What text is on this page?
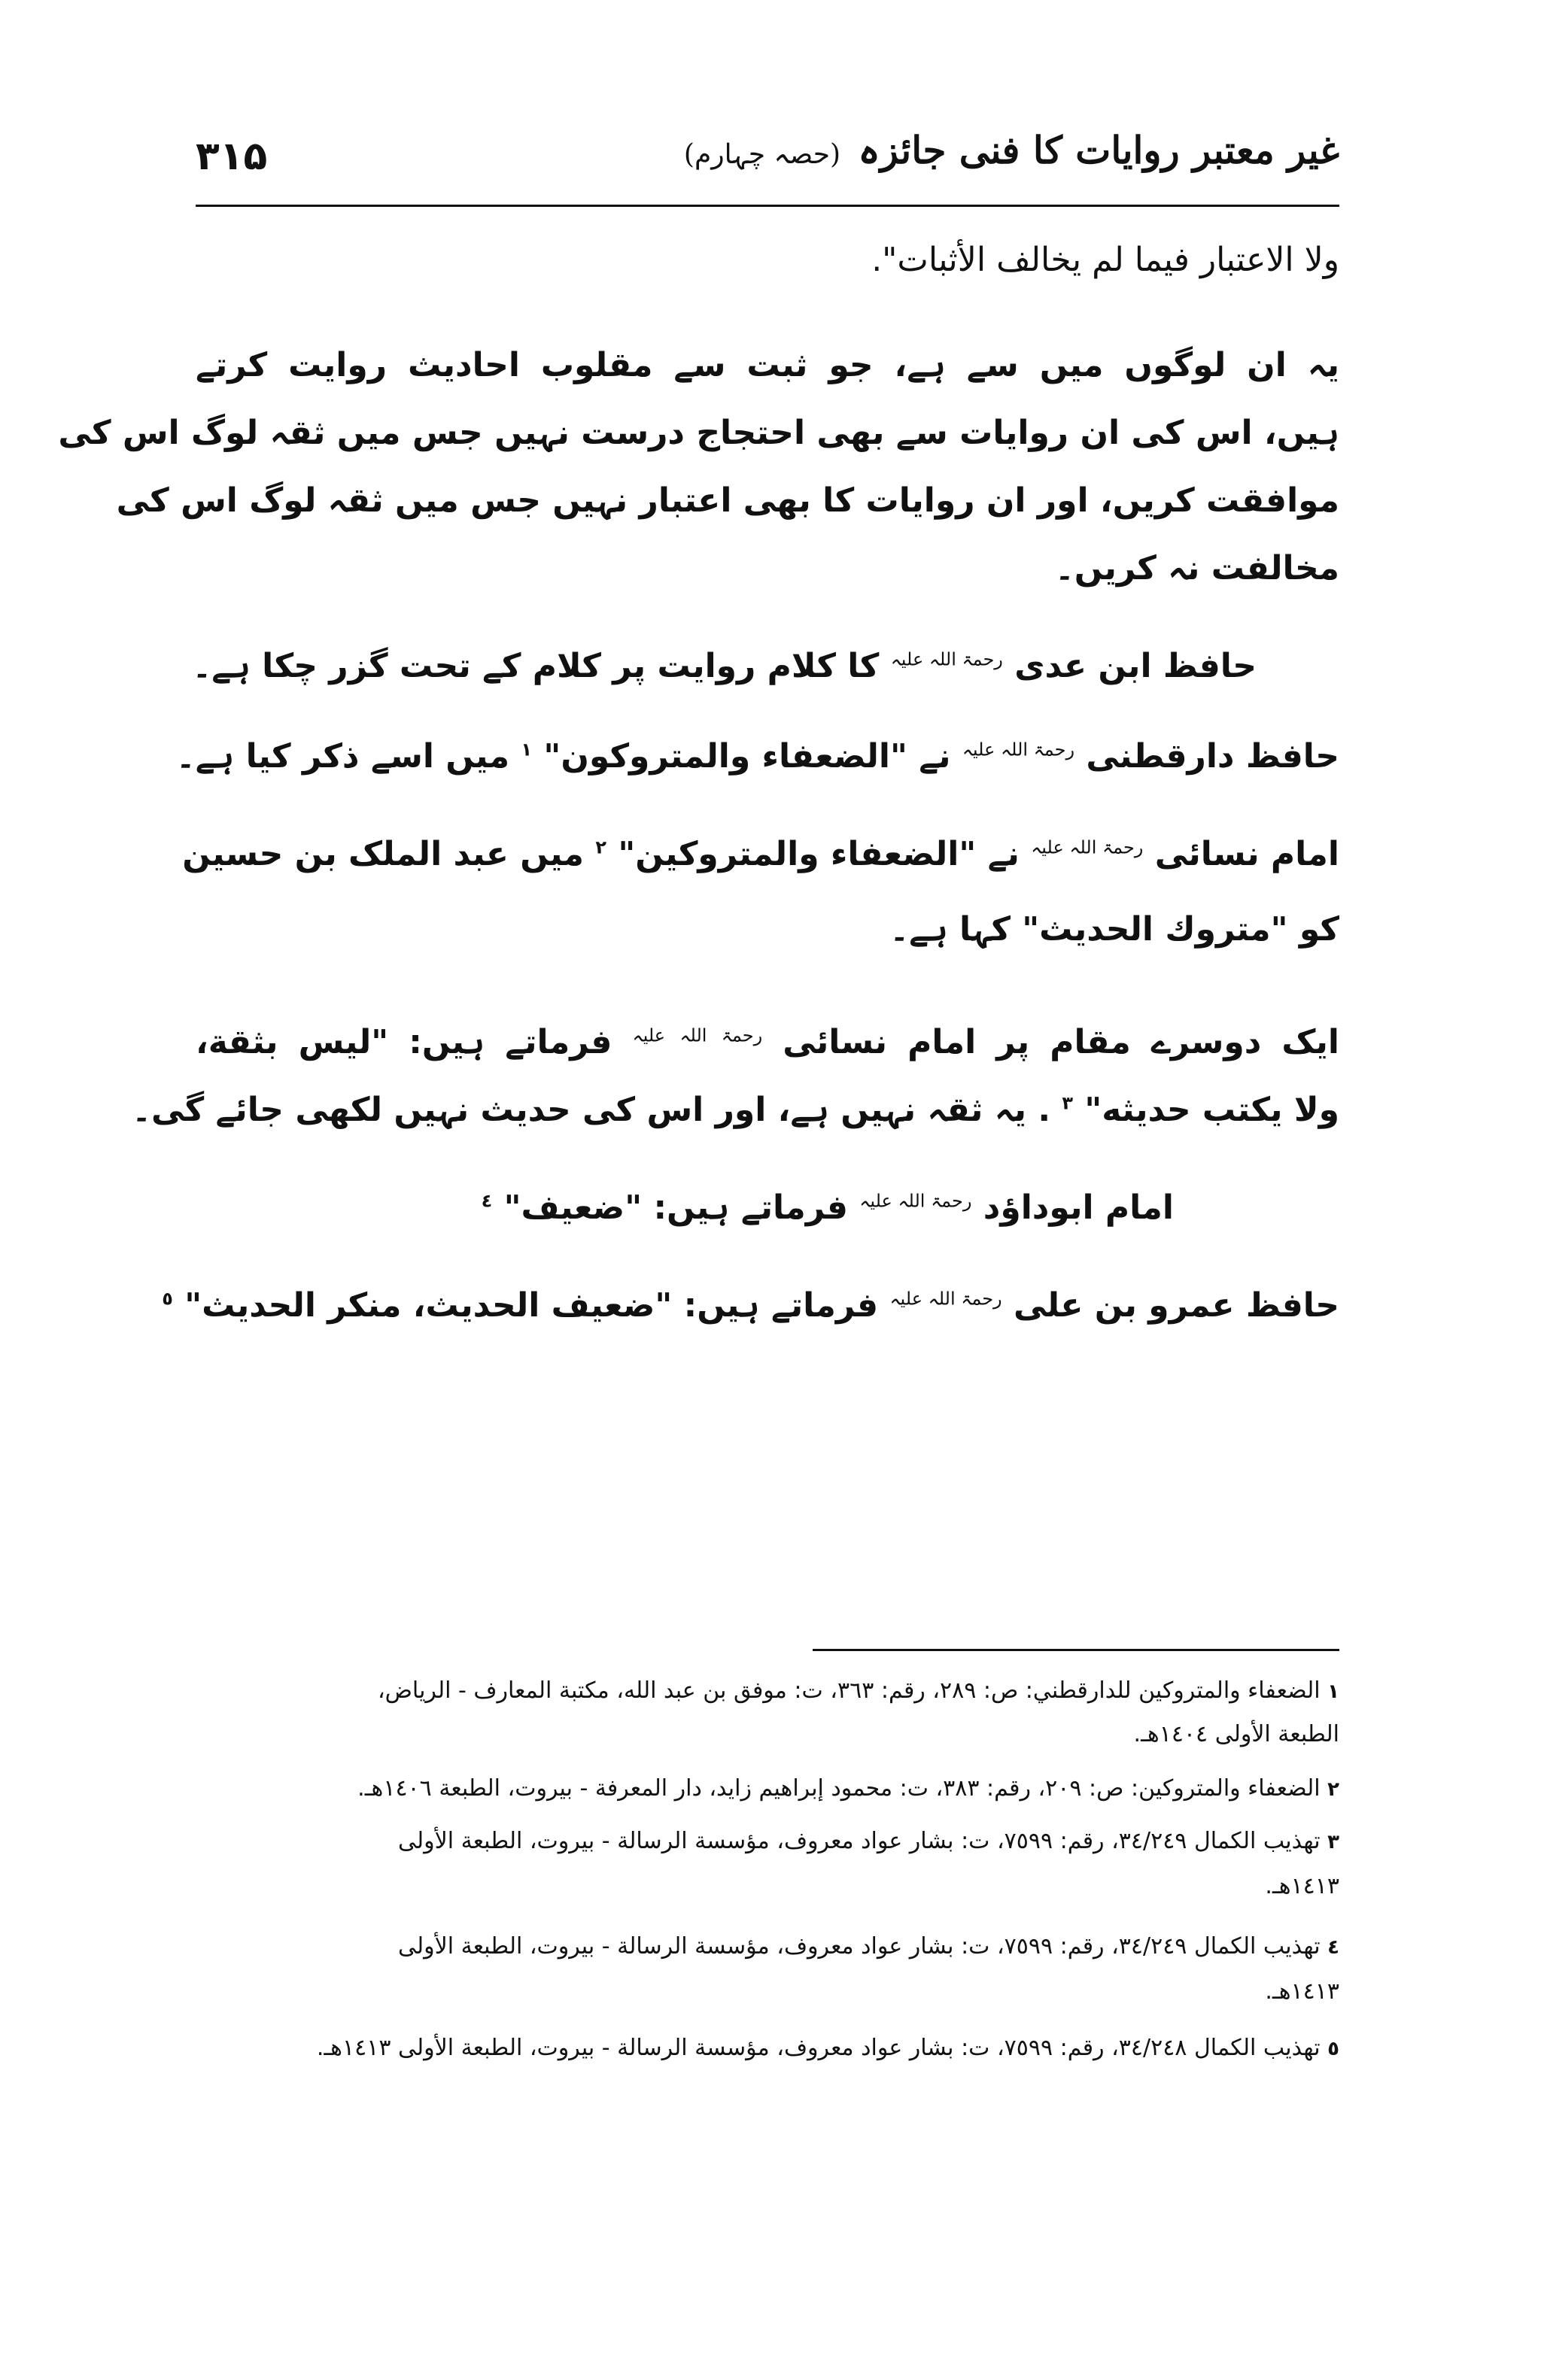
۳۱۵	غیر معتبر روایات کا فنی جائزہ (حصہ چہارم)
ولا الاعتبار فيما لم يخالف الأثبات".
یہ ان لوگوں میں سے ہے، جو ثبت سے مقلوب احادیث روایت کرتے
ہیں، اس کی ان روایات سے بھی احتجاج درست نہیں جس میں ثقہ لوگ اس کی
موافقت کریں، اور ان روایات کا بھی اعتبار نہیں جس میں ثقہ لوگ اس کی
مخالفت نہ کریں۔
حافظ ابن عدی $^{رحمۃ اللہ علیہ}$ کا کلام روایت پر کلام کے تحت گزر چکا ہے۔
حافظ دارقطنی $^{رحمۃ اللہ علیہ}$ نے "الضعفاء والمتروكون" $^١$ میں اسے ذکر کیا ہے۔
امام نسائی $^{رحمۃ اللہ علیہ}$ نے "الضعفاء والمتروكين" $^٢$ میں عبد الملک بن حسین
کو "متروك الحديث" کہا ہے۔
ایک دوسرے مقام پر امام نسائی $^{رحمۃ اللہ علیہ}$ فرماتے ہیں: "ليس بثقة،
ولا يكتب حديثه" $^٣$ . یہ ثقہ نہیں ہے، اور اس کی حدیث نہیں لکھی جائے گی۔
امام ابوداؤد $^{رحمۃ اللہ علیہ}$ فرماتے ہیں: "ضعيف" $^٤$
حافظ عمرو بن علی $^{رحمۃ اللہ علیہ}$ فرماتے ہیں: "ضعيف الحديث، منكر الحديث" $^٥$
١ الضعفاء والمتروكين للدارقطني: ص: ٢٨٩، رقم: ٣٦٣، ت: موفق بن عبد الله، مكتبة المعارف - الرياض،
الطبعة الأولى ١٤٠٤هـ.
٢ الضعفاء والمتروكين: ص: ٢٠٩، رقم: ٣٨٣، ت: محمود إبراهيم زايد، دار المعرفة - بيروت، الطبعة ١٤٠٦هـ.
٣ تهذيب الكمال ٣٤/٢٤٩، رقم: ٧٥٩٩، ت: بشار عواد معروف، مؤسسة الرسالة - بيروت، الطبعة الأولى
١٤١٣هـ.
٤ تهذيب الكمال ٣٤/٢٤٩، رقم: ٧٥٩٩، ت: بشار عواد معروف، مؤسسة الرسالة - بيروت، الطبعة الأولى
١٤١٣هـ.
٥ تهذيب الكمال ٣٤/٢٤٨، رقم: ٧٥٩٩، ت: بشار عواد معروف، مؤسسة الرسالة - بيروت، الطبعة الأولى ١٤١٣هـ.
